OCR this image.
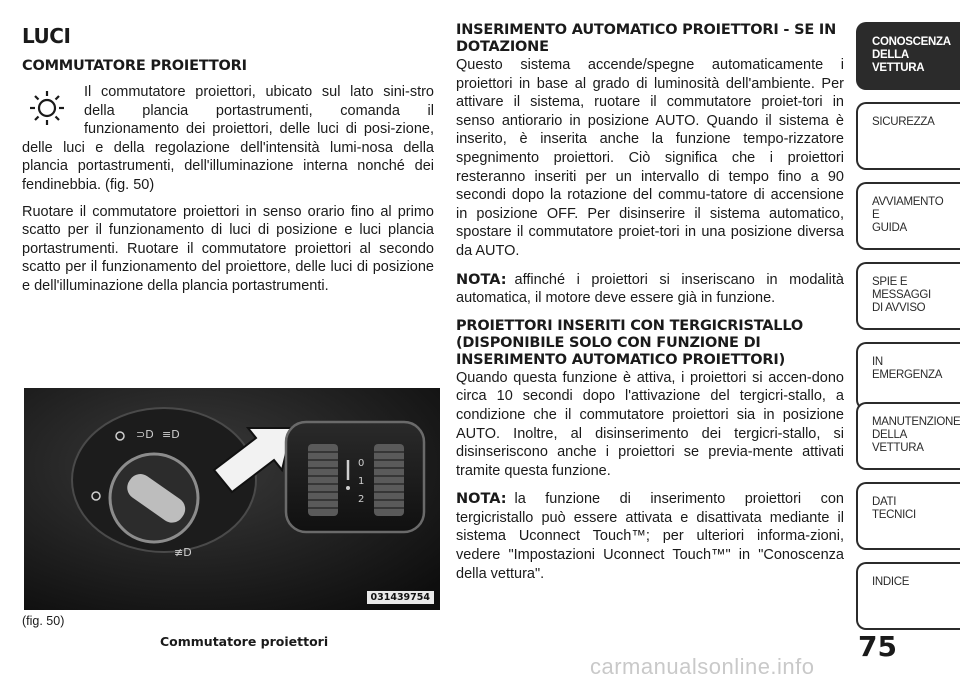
LUCI
COMMUTATORE PROIETTORI

Il commutatore proiettori, ubicato sul lato sini-stro della plancia portastrumenti, comanda il funzionamento dei proiettori, delle luci di posi-zione, delle luci e della regolazione dell'intensità lumi-nosa della plancia portastrumenti, dell'illuminazione interna nonché dei fendinebbia. (fig. 50)

Ruotare il commutatore proiettori in senso orario fino al primo scatto per il funzionamento di luci di posizione e luci plancia portastrumenti. Ruotare il commutatore proiettori al secondo scatto per il funzionamento del proiettore, delle luci di posizione e dell'illuminazione della plancia portastrumenti.

⊃D ≡D
≢D
0
1
2
031439754
(fig. 50)
Commutatore proiettori
INSERIMENTO AUTOMATICO PROIETTORI - SE IN DOTAZIONE

Questo sistema accende/spegne automaticamente i proiettori in base al grado di luminosità dell'ambiente. Per attivare il sistema, ruotare il commutatore proiet-tori in senso antiorario in posizione AUTO. Quando il sistema è inserito, è inserita anche la funzione tempo-rizzatore spegnimento proiettori. Ciò significa che i proiettori resteranno inseriti per un intervallo di tempo fino a 90 secondi dopo la rotazione del commu-tatore di accensione in posizione OFF. Per disinserire il sistema automatico, spostare il commutatore proiet-tori in una posizione diversa da AUTO.

NOTA: affinché i proiettori si inseriscano in modalità automatica, il motore deve essere già in funzione.

PROIETTORI INSERITI CON TERGICRISTALLO (DISPONIBILE SOLO CON FUNZIONE DI INSERIMENTO AUTOMATICO PROIETTORI)

Quando questa funzione è attiva, i proiettori si accen-dono circa 10 secondi dopo l'attivazione del tergicri-stallo, a condizione che il commutatore proiettori sia in posizione AUTO. Inoltre, al disinserimento dei tergicri-stallo, si disinseriscono anche i proiettori se previa-mente attivati tramite questa funzione.

NOTA: la funzione di inserimento proiettori con tergicristallo può essere attivata e disattivata mediante il sistema Uconnect Touch™; per ulteriori informa-zioni, vedere "Impostazioni Uconnect Touch™" in "Conoscenza della vettura".

CONOSCENZA
DELLA
VETTURA
SICUREZZA
AVVIAMENTO
E
GUIDA
SPIE E
MESSAGGI
DI AVVISO
IN
EMERGENZA
MANUTENZIONE
DELLA
VETTURA
DATI
TECNICI
INDICE
75
carmanualsonline.info
